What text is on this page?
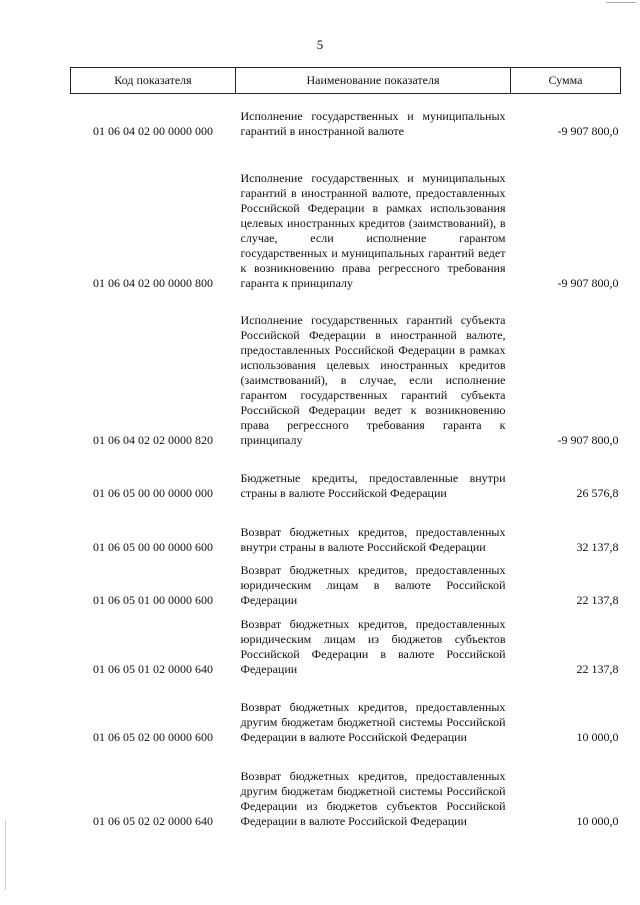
5
Код показателя	Наименование показателя	Сумма
01 06 04 02 00 0000 000	Исполнение государственных и муниципальных гарантий в иностранной валюте	-9 907 800,0
01 06 04 02 00 0000 800	Исполнение государственных и муниципальных гарантий в иностранной валюте, предоставленных Российской Федерации в рамках использования целевых иностранных кредитов (заимствований), в случае, если исполнение гарантом государственных и муниципальных гарантий ведет к возникновению права регрессного требования гаранта к принципалу	-9 907 800,0
01 06 04 02 02 0000 820	Исполнение государственных гарантий субъекта Российской Федерации в иностранной валюте, предоставленных Российской Федерации в рамках использования целевых иностранных кредитов (заимствований), в случае, если исполнение гарантом государственных гарантий субъекта Российской Федерации ведет к возникновению права регрессного требования гаранта к принципалу	-9 907 800,0
01 06 05 00 00 0000 000	Бюджетные кредиты, предоставленные внутри страны в валюте Российской Федерации	26 576,8
01 06 05 00 00 0000 600	Возврат бюджетных кредитов, предоставленных внутри страны в валюте Российской Федерации	32 137,8
01 06 05 01 00 0000 600	Возврат бюджетных кредитов, предоставленных юридическим лицам в валюте Российской Федерации	22 137,8
01 06 05 01 02 0000 640	Возврат бюджетных кредитов, предоставленных юридическим лицам из бюджетов субъектов Российской Федерации в валюте Российской Федерации	22 137,8
01 06 05 02 00 0000 600	Возврат бюджетных кредитов, предоставленных другим бюджетам бюджетной системы Российской Федерации в валюте Российской Федерации	10 000,0
01 06 05 02 02 0000 640	Возврат бюджетных кредитов, предоставленных другим бюджетам бюджетной системы Российской Федерации из бюджетов субъектов Российской Федерации в валюте Российской Федерации	10 000,0
